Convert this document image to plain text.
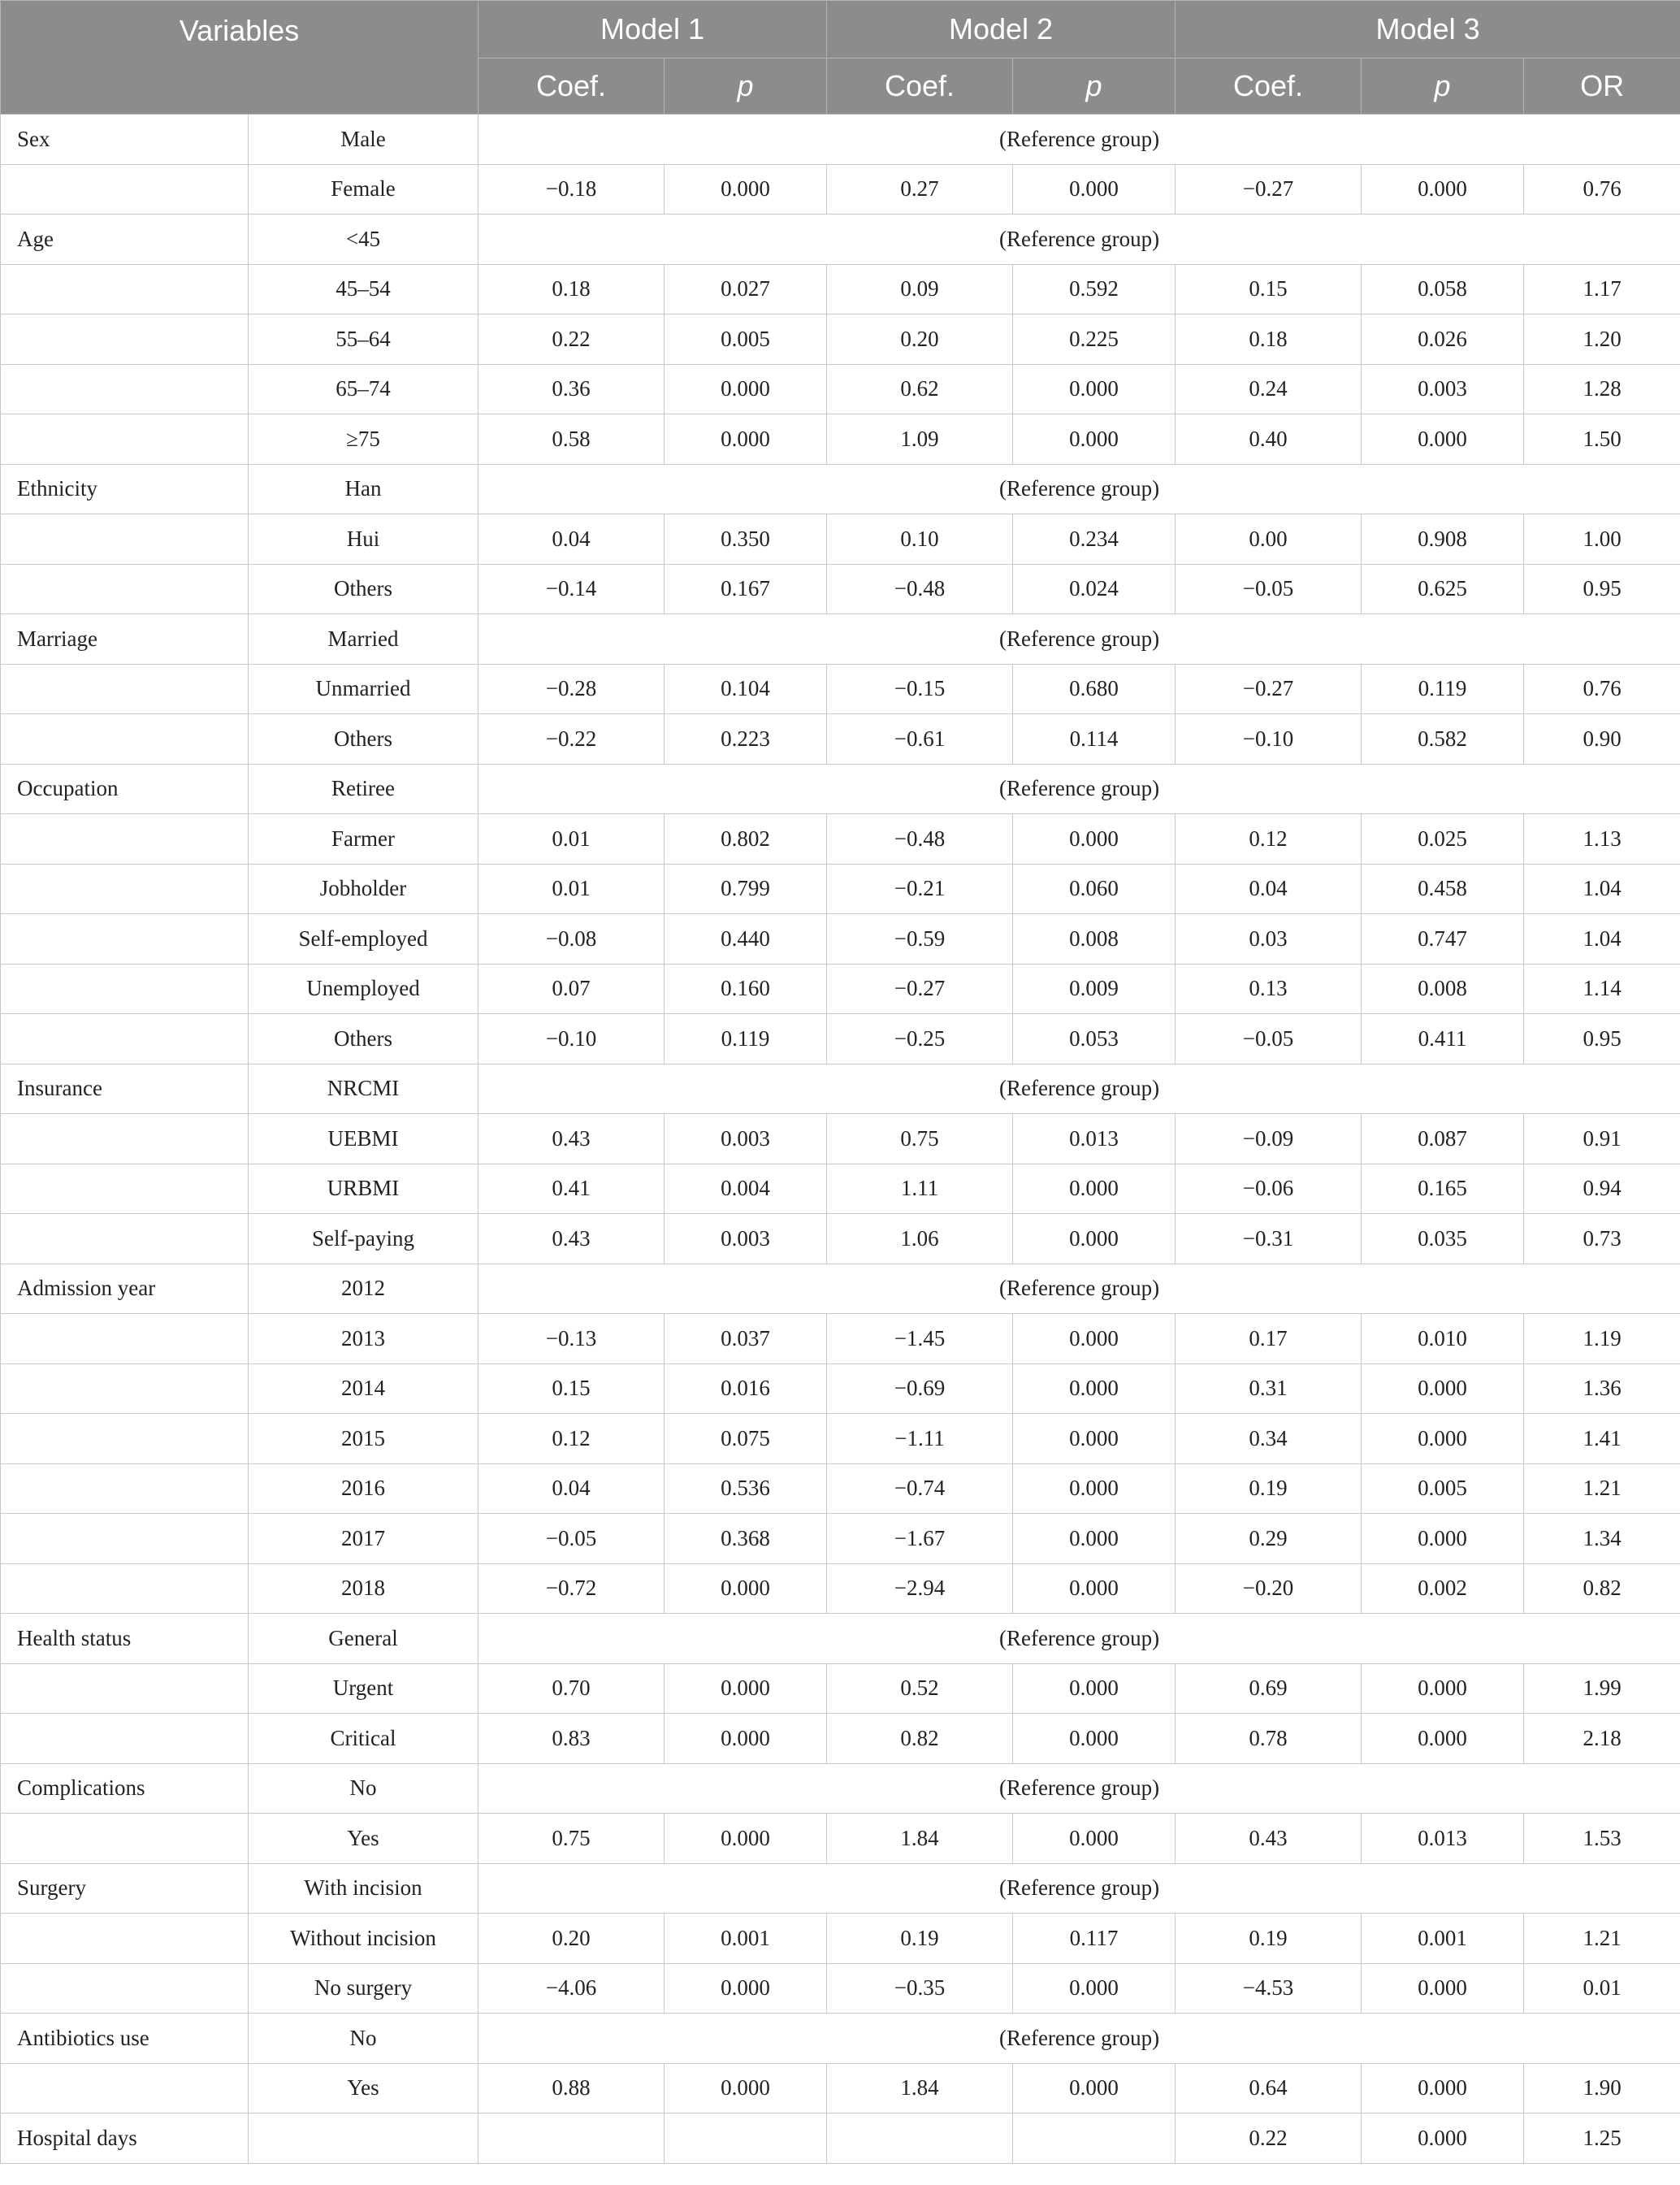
Variables		Model 1		Model 2		Model 3		
		Coef.	p	Coef.	p	Coef.	p	OR
Sex	Male	(Reference group)						
	Female	−0.18	0.000	0.27	0.000	−0.27	0.000	0.76
Age	<45	(Reference group)						
	45–54	0.18	0.027	0.09	0.592	0.15	0.058	1.17
	55–64	0.22	0.005	0.20	0.225	0.18	0.026	1.20
	65–74	0.36	0.000	0.62	0.000	0.24	0.003	1.28
	≥75	0.58	0.000	1.09	0.000	0.40	0.000	1.50
Ethnicity	Han	(Reference group)						
	Hui	0.04	0.350	0.10	0.234	0.00	0.908	1.00
	Others	−0.14	0.167	−0.48	0.024	−0.05	0.625	0.95
Marriage	Married	(Reference group)						
	Unmarried	−0.28	0.104	−0.15	0.680	−0.27	0.119	0.76
	Others	−0.22	0.223	−0.61	0.114	−0.10	0.582	0.90
Occupation	Retiree	(Reference group)						
	Farmer	0.01	0.802	−0.48	0.000	0.12	0.025	1.13
	Jobholder	0.01	0.799	−0.21	0.060	0.04	0.458	1.04
	Self-employed	−0.08	0.440	−0.59	0.008	0.03	0.747	1.04
	Unemployed	0.07	0.160	−0.27	0.009	0.13	0.008	1.14
	Others	−0.10	0.119	−0.25	0.053	−0.05	0.411	0.95
Insurance	NRCMI	(Reference group)						
	UEBMI	0.43	0.003	0.75	0.013	−0.09	0.087	0.91
	URBMI	0.41	0.004	1.11	0.000	−0.06	0.165	0.94
	Self-paying	0.43	0.003	1.06	0.000	−0.31	0.035	0.73
Admission year	2012	(Reference group)						
	2013	−0.13	0.037	−1.45	0.000	0.17	0.010	1.19
	2014	0.15	0.016	−0.69	0.000	0.31	0.000	1.36
	2015	0.12	0.075	−1.11	0.000	0.34	0.000	1.41
	2016	0.04	0.536	−0.74	0.000	0.19	0.005	1.21
	2017	−0.05	0.368	−1.67	0.000	0.29	0.000	1.34
	2018	−0.72	0.000	−2.94	0.000	−0.20	0.002	0.82
Health status	General	(Reference group)						
	Urgent	0.70	0.000	0.52	0.000	0.69	0.000	1.99
	Critical	0.83	0.000	0.82	0.000	0.78	0.000	2.18
Complications	No	(Reference group)						
	Yes	0.75	0.000	1.84	0.000	0.43	0.013	1.53
Surgery	With incision	(Reference group)						
	Without incision	0.20	0.001	0.19	0.117	0.19	0.001	1.21
	No surgery	−4.06	0.000	−0.35	0.000	−4.53	0.000	0.01
Antibiotics use	No	(Reference group)						
	Yes	0.88	0.000	1.84	0.000	0.64	0.000	1.90
Hospital days						0.22	0.000	1.25
